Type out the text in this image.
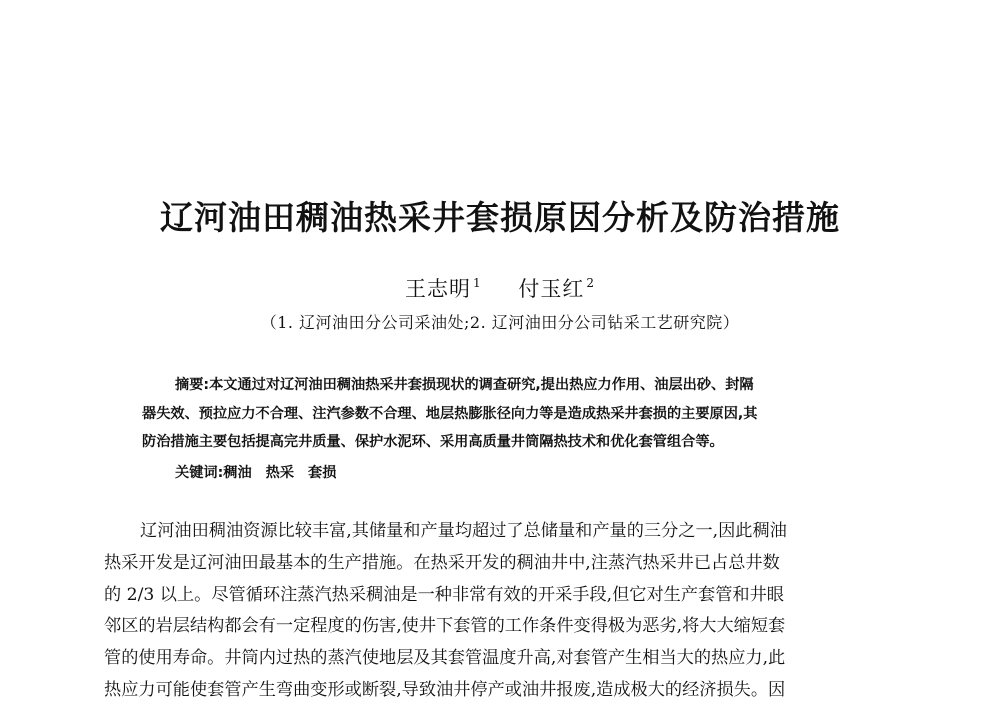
辽河油田稠油热采井套损原因分析及防治措施
王志明 $^1$ 付玉红 $^2$
（1. 辽河油田分公司采油处;2. 辽河油田分公司钻采工艺研究院）
摘要:本文通过对辽河油田稠油热采井套损现状的调查研究,提出热应力作用、油层出砂、封隔
器失效、预拉应力不合理、注汽参数不合理、地层热膨胀径向力等是造成热采井套损的主要原因,其
防治措施主要包括提高完井质量、保护水泥环、采用高质量井筒隔热技术和优化套管组合等。
关键词:稠油 热采 套损
辽河油田稠油资源比较丰富,其储量和产量均超过了总储量和产量的三分之一,因此稠油
热采开发是辽河油田最基本的生产措施。在热采开发的稠油井中,注蒸汽热采井已占总井数
的 2/3 以上。尽管循环注蒸汽热采稠油是一种非常有效的开采手段,但它对生产套管和井眼
邻区的岩层结构都会有一定程度的伤害,使井下套管的工作条件变得极为恶劣,将大大缩短套
管的使用寿命。井筒内过热的蒸汽使地层及其套管温度升高,对套管产生相当大的热应力,此
热应力可能使套管产生弯曲变形或断裂,导致油井停产或油井报废,造成极大的经济损失。因
